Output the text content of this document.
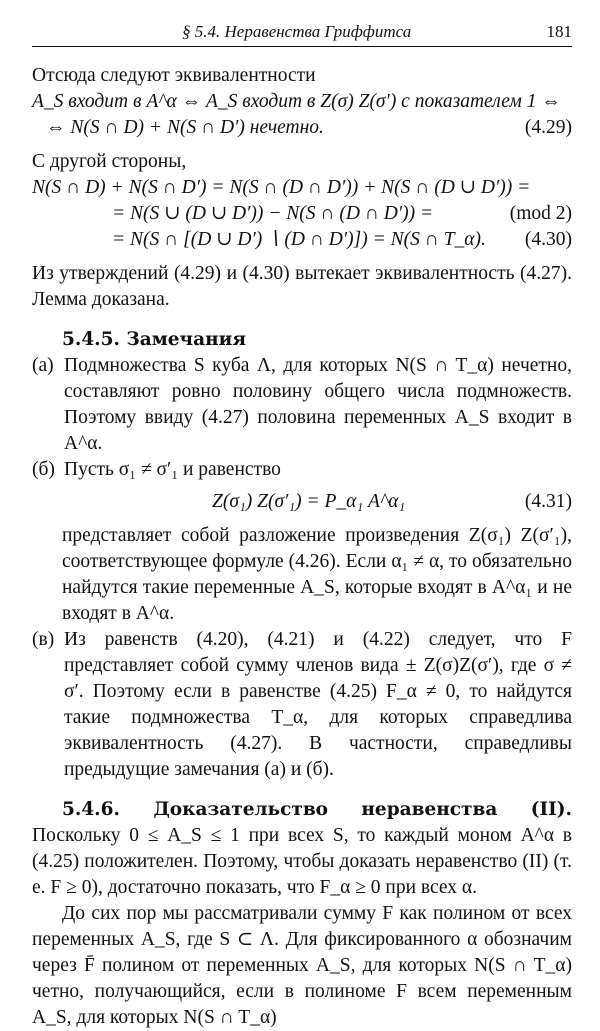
§ 5.4. Неравенства Гриффитса	181

Отсюда следуют эквивалентности

A_S входит в A^α ⇔ A_S входит в Z(σ) Z(σ′) с показателем 1 ⇔
⇔ N(S ∩ D) + N(S ∩ D′) нечетно.	(4.29)

С другой стороны,

N(S ∩ D) + N(S ∩ D′) = N(S ∩ (D ∩ D′)) + N(S ∩ (D ∪ D′)) =
= N(S ∪ (D ∪ D′)) − N(S ∩ (D ∩ D′)) =	(mod 2)
= N(S ∩ [(D ∪ D′) ∖ (D ∩ D′)]) = N(S ∩ T_α). (4.30)

Из утверждений (4.29) и (4.30) вытекает эквивалентность (4.27). Лемма доказана.

5.4.5. Замечания
(а) Подмножества S куба Λ, для которых N(S ∩ T_α) нечетно, составляют ровно половину общего числа подмножеств. Поэтому ввиду (4.27) половина переменных A_S входит в A^α.
(б) Пусть σ₁ ≠ σ′₁ и равенство
Z(σ₁) Z(σ′₁) = P_α₁ A^α₁	(4.31)

представляет собой разложение произведения Z(σ₁) Z(σ′₁), соответствующее формуле (4.26). Если α₁ ≠ α, то обязательно найдутся такие переменные A_S, которые входят в A^α₁ и не входят в A^α.

(в) Из равенств (4.20), (4.21) и (4.22) следует, что F представляет собой сумму членов вида ± Z(σ)Z(σ′), где σ ≠ σ′. Поэтому если в равенстве (4.25) F_α ≠ 0, то найдутся такие подмножества T_α, для которых справедлива эквивалентность (4.27). В частности, справедливы предыдущие замечания (а) и (б).

5.4.6. Доказательство неравенства (II). Поскольку 0 ≤ A_S ≤ 1 при всех S, то каждый моном A^α в (4.25) положителен. Поэтому, чтобы доказать неравенство (II) (т. е. F ≥ 0), достаточно показать, что F_α ≥ 0 при всех α.

До сих пор мы рассматривали сумму F как полином от всех переменных A_S, где S ⊂ Λ. Для фиксированного α обозначим через F̄ полином от переменных A_S, для которых N(S ∩ T_α) четно, получающийся, если в полиноме F всем переменным A_S, для которых N(S ∩ T_α)
